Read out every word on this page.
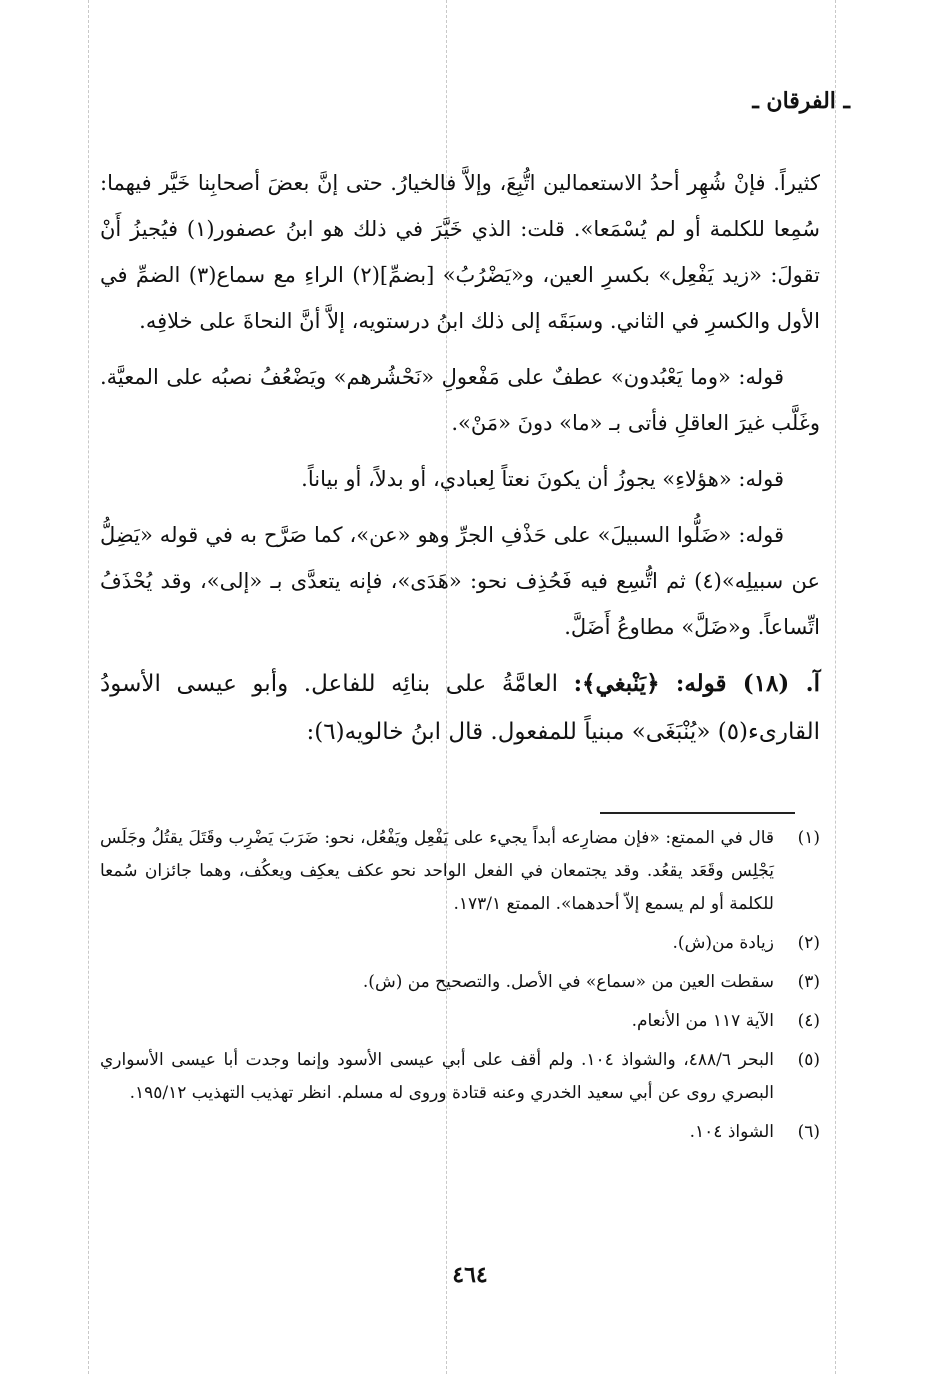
ـ الفرقان ـ

كثيراً. فإنْ شُهِر أحدُ الاستعمالين اتُّبِعَ، وإلاَّ فالخيارُ. حتى إنَّ بعضَ أصحابِنا خَيَّر فيهما: سُمِعا للكلمة أو لم يُسْمَعا». قلت: الذي خَيَّرَ في ذلك هو ابنُ عصفور(١) فيُجيزُ أَنْ تقولَ: «زيد يَفْعِل» بكسرِ العين، و«يَضْرُبُ» [بضمِّ](٢) الراءِ مع سماع(٣) الضمِّ في الأول والكسرِ في الثاني. وسبَقَه إلى ذلك ابنُ درستويه، إلاَّ أنَّ النحاةَ على خلافِه.

قوله: «وما يَعْبُدون» عطفٌ على مَفْعولِ «نَحْشُرهم» ويَضْعُفُ نصبُه على المعيَّة. وغَلَّب غيرَ العاقلِ فأتى بـ «ما» دونَ «مَنْ».

قوله: «هؤلاءِ» يجوزُ أن يكونَ نعتاً لِعبادي، أو بدلاً، أو بياناً.

قوله: «ضَلُّوا السبيلَ» على حَذْفِ الجرِّ وهو «عن»، كما صَرَّح به في قوله «يَضِلُّ عن سبيلِه»(٤) ثم اتُّسِع فيه فَحُذِف نحو: «هَدَى»، فإنه يتعدَّى بـ «إلى»، وقد يُحْذَفُ اتِّساعاً. و«ضَلَّ» مطاوعُ أَضَلَّ.

آ. (١٨) قوله: ﴿يَنْبغي﴾: العامَّةُ على بنائِه للفاعل. وأبو عيسى الأسودُ القارىء(٥) «يُنْبَغَى» مبنياً للمفعول. قال ابنُ خالويه(٦):

(١)
قال في الممتع: «فإن مضارِعه أبداً يجيء على يَفْعِل ويَفْعُل، نحو: ضَرَبَ يَضْرِب وقَتَلَ يقتُلُ وجَلَس يَجْلِس وقَعَد يقعُد. وقد يجتمعان في الفعل الواحد نحو عكف يعكِف ويعكُف، وهما جائزان سُمعا للكلمة أو لم يسمع إلاّ أحدهما». الممتع ١٧٣/١.
(٢)
زيادة من(ش).
(٣)
سقطت العين من «سماع» في الأصل. والتصحيح من (ش).
(٤)
الآية ١١٧ من الأنعام.
(٥)
البحر ٤٨٨/٦، والشواذ ١٠٤. ولم أقف على أبي عيسى الأسود وإنما وجدت أبا عيسى الأسواري البصري روى عن أبي سعيد الخدري وعنه قتادة وروى له مسلم. انظر تهذيب التهذيب ١٩٥/١٢.
(٦)
الشواذ ١٠٤.
٤٦٤
